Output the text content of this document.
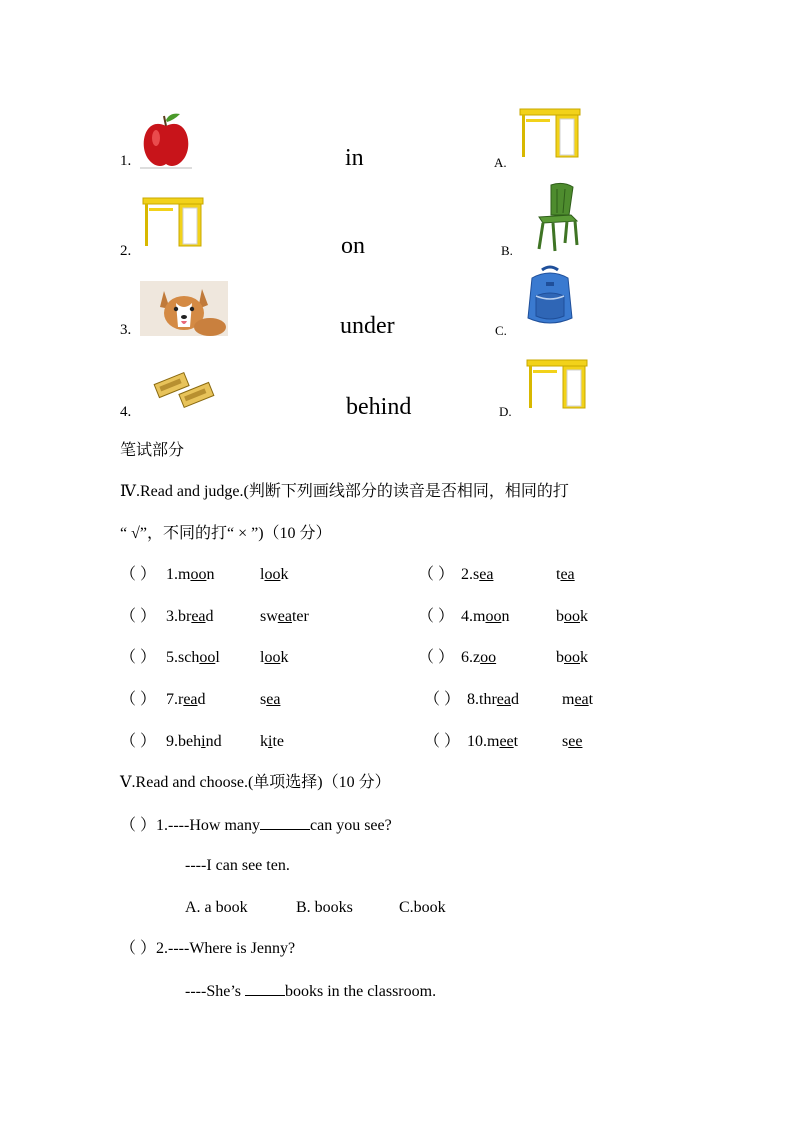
1.	in	A.
2.	on	B.
3.	under	C.
4.	behind	D.
笔试部分
Ⅳ.Read and judge.(判断下列画线部分的读音是否相同，相同的打
“ √”，不同的打“ × ”)（10 分）
（ ） 1.moon	look	（ ） 2.sea	tea
（ ） 3.bread	sweater	（ ） 4.moon	book
（ ） 5.school	look	（ ） 6.zoo	book
（ ） 7.read	sea	（ ） 8.thread	meat
（ ） 9.behind kite	（ ） 10.meet	see
Ⅴ.Read and choose.(单项选择)（10 分）
（ ）1.----How many	can you see?
----I can see ten.
A. a book	B. books	C.book
（ ）2.----Where is Jenny?
----She’s	books in the classroom.
